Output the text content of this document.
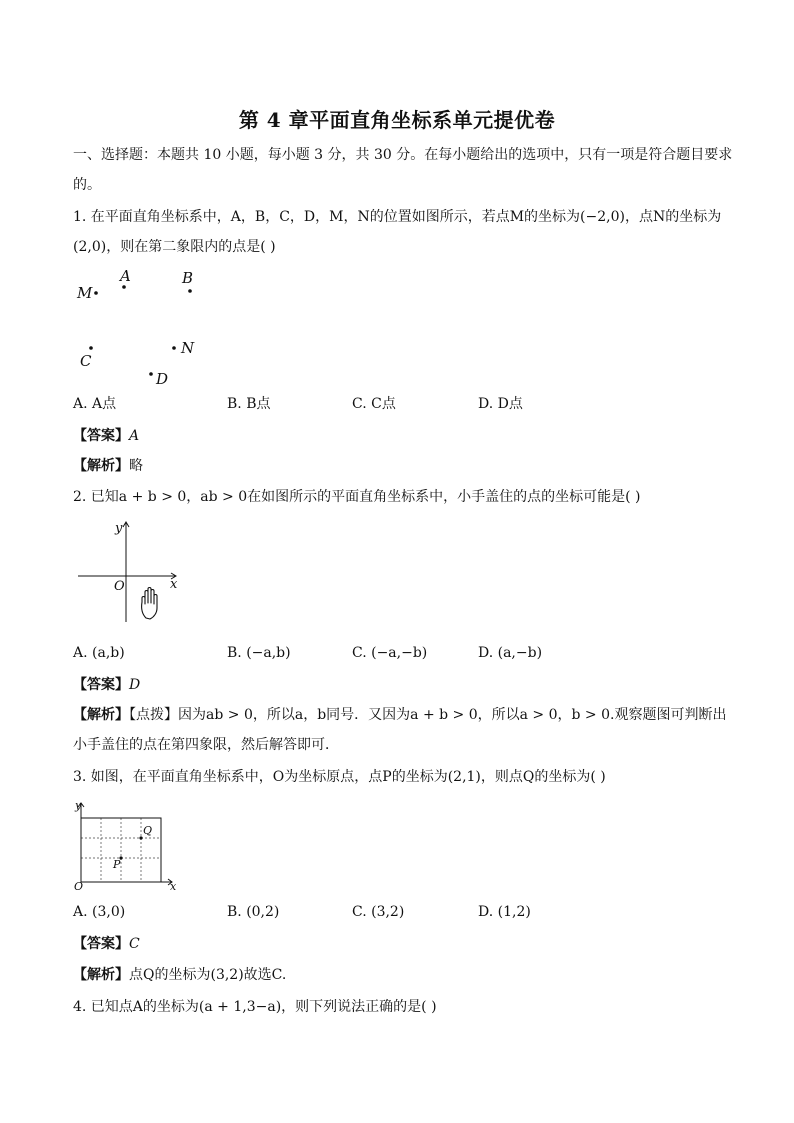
第 4 章平面直角坐标系单元提优卷
一、选择题：本题共 10 小题，每小题 3 分，共 30 分。在每小题给出的选项中，只有一项是符合题目要求
的。
1. 在平面直角坐标系中，A，B，C，D，M，N的位置如图所示，若点M的坐标为(−2,0)，点N的坐标为
(2,0)，则在第二象限内的点是( )
A	B
M
C
N
D
A. A点	B. B点	C. C点	D. D点
【答案】A
【解析】略
2. 已知a + b > 0，ab > 0在如图所示的平面直角坐标系中，小手盖住的点的坐标可能是( )
y
O	x
A. (a,b)	B. (−a,b)	C. (−a,−b)	D. (a,−b)
【答案】D
【解析】【点拨】因为ab > 0，所以a，b同号．又因为a + b > 0，所以a > 0，b > 0.观察题图可判断出
小手盖住的点在第四象限，然后解答即可．
3. 如图，在平面直角坐标系中，O为坐标原点，点P的坐标为(2,1)，则点Q的坐标为( )
y
Q
P
O	x
A. (3,0)	B. (0,2)	C. (3,2)	D. (1,2)
【答案】C
【解析】点Q的坐标为(3,2)故选C.
4. 已知点A的坐标为(a + 1,3−a)，则下列说法正确的是( )
